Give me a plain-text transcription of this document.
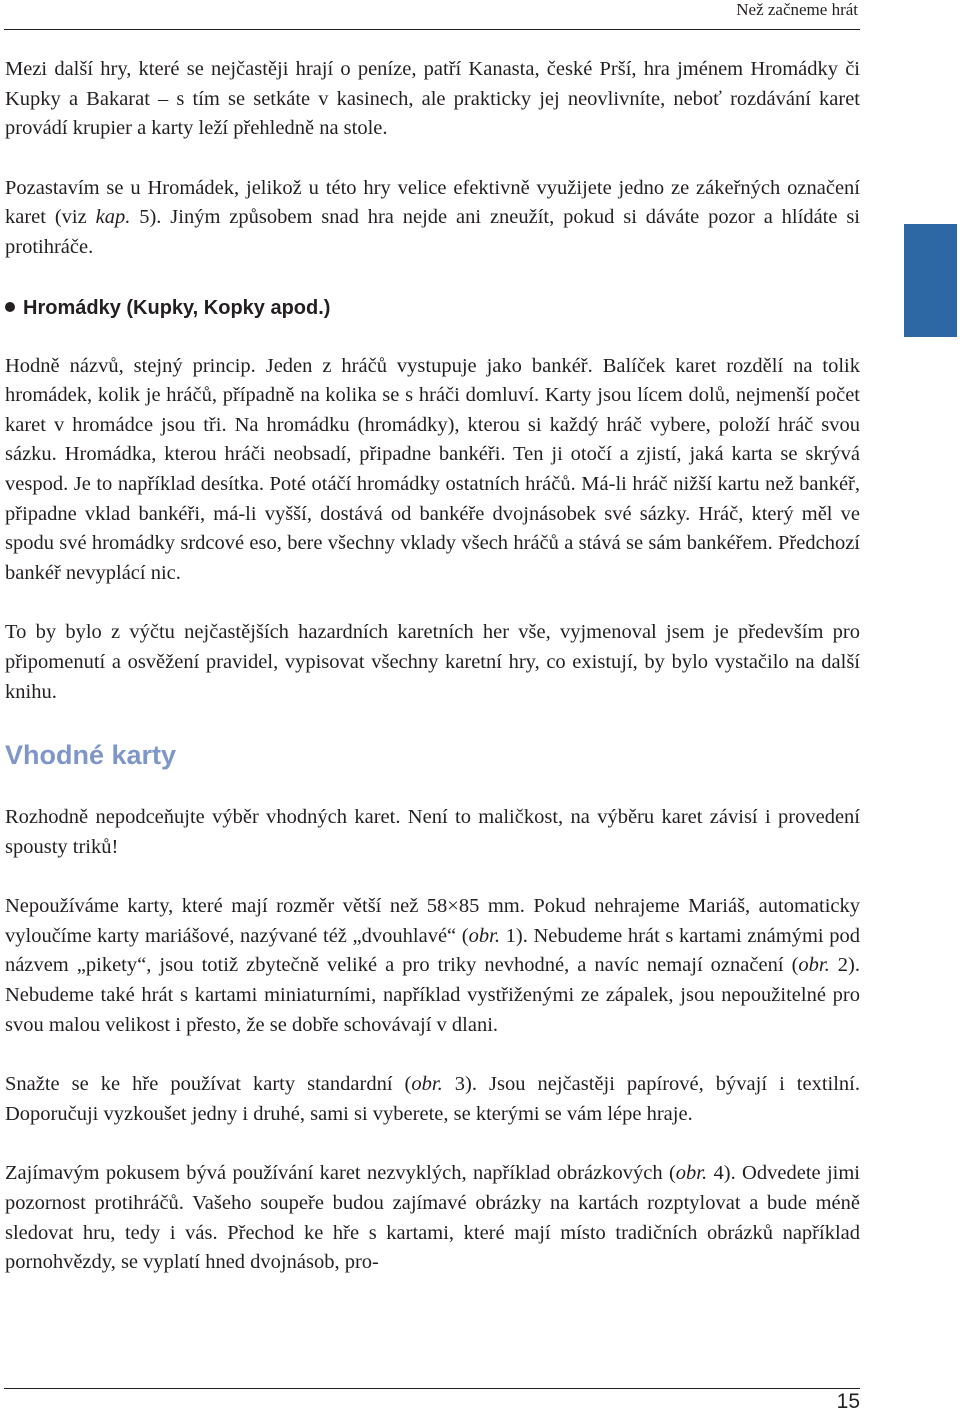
Než začneme hrát

Mezi další hry, které se nejčastěji hrají o peníze, patří Kanasta, české Prší, hra jménem Hromádky či Kupky a Bakarat – s tím se setkáte v kasinech, ale prakticky jej neovlivníte, neboť rozdávání karet provádí krupier a karty leží přehledně na stole.

Pozastavím se u Hromádek, jelikož u této hry velice efektivně využijete jedno ze zákeřných označení karet (viz kap. 5). Jiným způsobem snad hra nejde ani zneužít, pokud si dáváte pozor a hlídáte si protihráče.

Hromádky (Kupky, Kopky apod.)

Hodně názvů, stejný princip. Jeden z hráčů vystupuje jako bankéř. Balíček karet rozdělí na tolik hromádek, kolik je hráčů, případně na kolika se s hráči domluví. Karty jsou lícem dolů, nejmenší počet karet v hromádce jsou tři. Na hromádku (hromádky), kterou si každý hráč vybere, položí hráč svou sázku. Hromádka, kterou hráči neobsadí, připadne bankéři. Ten ji otočí a zjistí, jaká karta se skrývá vespod. Je to například desítka. Poté otáčí hromádky ostatních hráčů. Má-li hráč nižší kartu než bankéř, připadne vklad bankéři, má-li vyšší, dostává od bankéře dvojnásobek své sázky. Hráč, který měl ve spodu své hromádky srdcové eso, bere všechny vklady všech hráčů a stává se sám bankéřem. Předchozí bankéř nevyplácí nic.

To by bylo z výčtu nejčastějších hazardních karetních her vše, vyjmenoval jsem je především pro připomenutí a osvěžení pravidel, vypisovat všechny karetní hry, co existují, by bylo vystačilo na další knihu.

Vhodné karty

Rozhodně nepodceňujte výběr vhodných karet. Není to maličkost, na výběru karet závisí i provedení spousty triků!

Nepoužíváme karty, které mají rozměr větší než 58×85 mm. Pokud nehrajeme Mariáš, automaticky vyloučíme karty mariášové, nazývané též „dvouhlavé“ (obr. 1). Nebudeme hrát s kartami známými pod názvem „pikety“, jsou totiž zbytečně veliké a pro triky nevhodné, a navíc nemají označení (obr. 2). Nebudeme také hrát s kartami miniaturními, například vystřiženými ze zápalek, jsou nepoužitelné pro svou malou velikost i přesto, že se dobře schovávají v dlani.

Snažte se ke hře používat karty standardní (obr. 3). Jsou nejčastěji papírové, bývají i textilní. Doporučuji vyzkoušet jedny i druhé, sami si vyberete, se kterými se vám lépe hraje.

Zajímavým pokusem bývá používání karet nezvyklých, například obrázkových (obr. 4). Odvedete jimi pozornost protihráčů. Vašeho soupeře budou zajímavé obrázky na kartách rozptylovat a bude méně sledovat hru, tedy i vás. Přechod ke hře s kartami, které mají místo tradičních obrázků například pornohvězdy, se vyplatí hned dvojnásob, pro-

15
